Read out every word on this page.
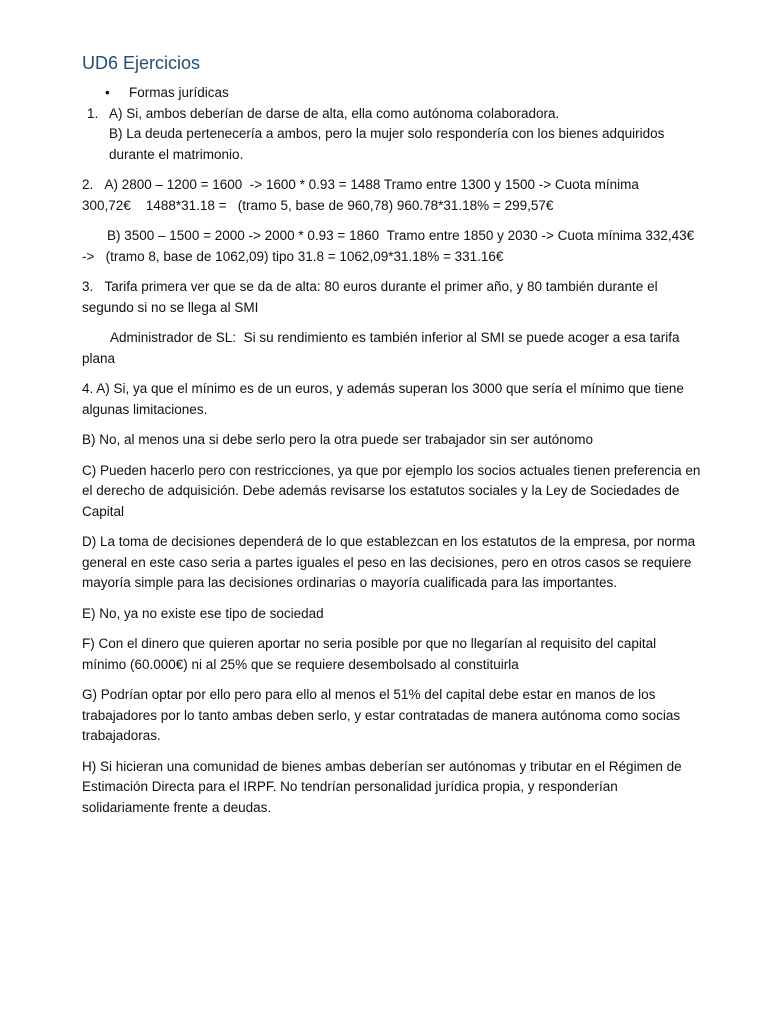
UD6 Ejercicios
• Formas jurídicas
1. A) Si, ambos deberían de darse de alta, ella como autónoma colaboradora.
B) La deuda pertenecería a ambos, pero la mujer solo respondería con los bienes adquiridos durante el matrimonio.

2.   A) 2800 – 1200 = 1600  -> 1600 * 0.93 = 1488 Tramo entre 1300 y 1500 -> Cuota mínima 300,72€    1488*31.18 =   (tramo 5, base de 960,78) 960.78*31.18% = 299,57€

B) 3500 – 1500 = 2000 -> 2000 * 0.93 = 1860  Tramo entre 1850 y 2030 -> Cuota mínima 332,43€ ->   (tramo 8, base de 1062,09) tipo 31.8 = 1062,09*31.18% = 331.16€

3.   Tarifa primera ver que se da de alta: 80 euros durante el primer año, y 80 también durante el segundo si no se llega al SMI

Administrador de SL:  Si su rendimiento es también inferior al SMI se puede acoger a esa tarifa plana

4. A) Si, ya que el mínimo es de un euros, y además superan los 3000 que sería el mínimo que tiene algunas limitaciones.

B) No, al menos una si debe serlo pero la otra puede ser trabajador sin ser autónomo

C) Pueden hacerlo pero con restricciones, ya que por ejemplo los socios actuales tienen preferencia en el derecho de adquisición. Debe además revisarse los estatutos sociales y la Ley de Sociedades de Capital

D) La toma de decisiones dependerá de lo que establezcan en los estatutos de la empresa, por norma general en este caso seria a partes iguales el peso en las decisiones, pero en otros casos se requiere mayoría simple para las decisiones ordinarias o mayoría cualificada para las importantes.

E) No, ya no existe ese tipo de sociedad

F) Con el dinero que quieren aportar no seria posible por que no llegarían al requisito del capital mínimo (60.000€) ni al 25% que se requiere desembolsado al constituirla

G) Podrían optar por ello pero para ello al menos el 51% del capital debe estar en manos de los trabajadores por lo tanto ambas deben serlo, y estar contratadas de manera autónoma como socias trabajadoras.

H) Si hicieran una comunidad de bienes ambas deberían ser autónomas y tributar en el Régimen de Estimación Directa para el IRPF. No tendrían personalidad jurídica propia, y responderían solidariamente frente a deudas.
